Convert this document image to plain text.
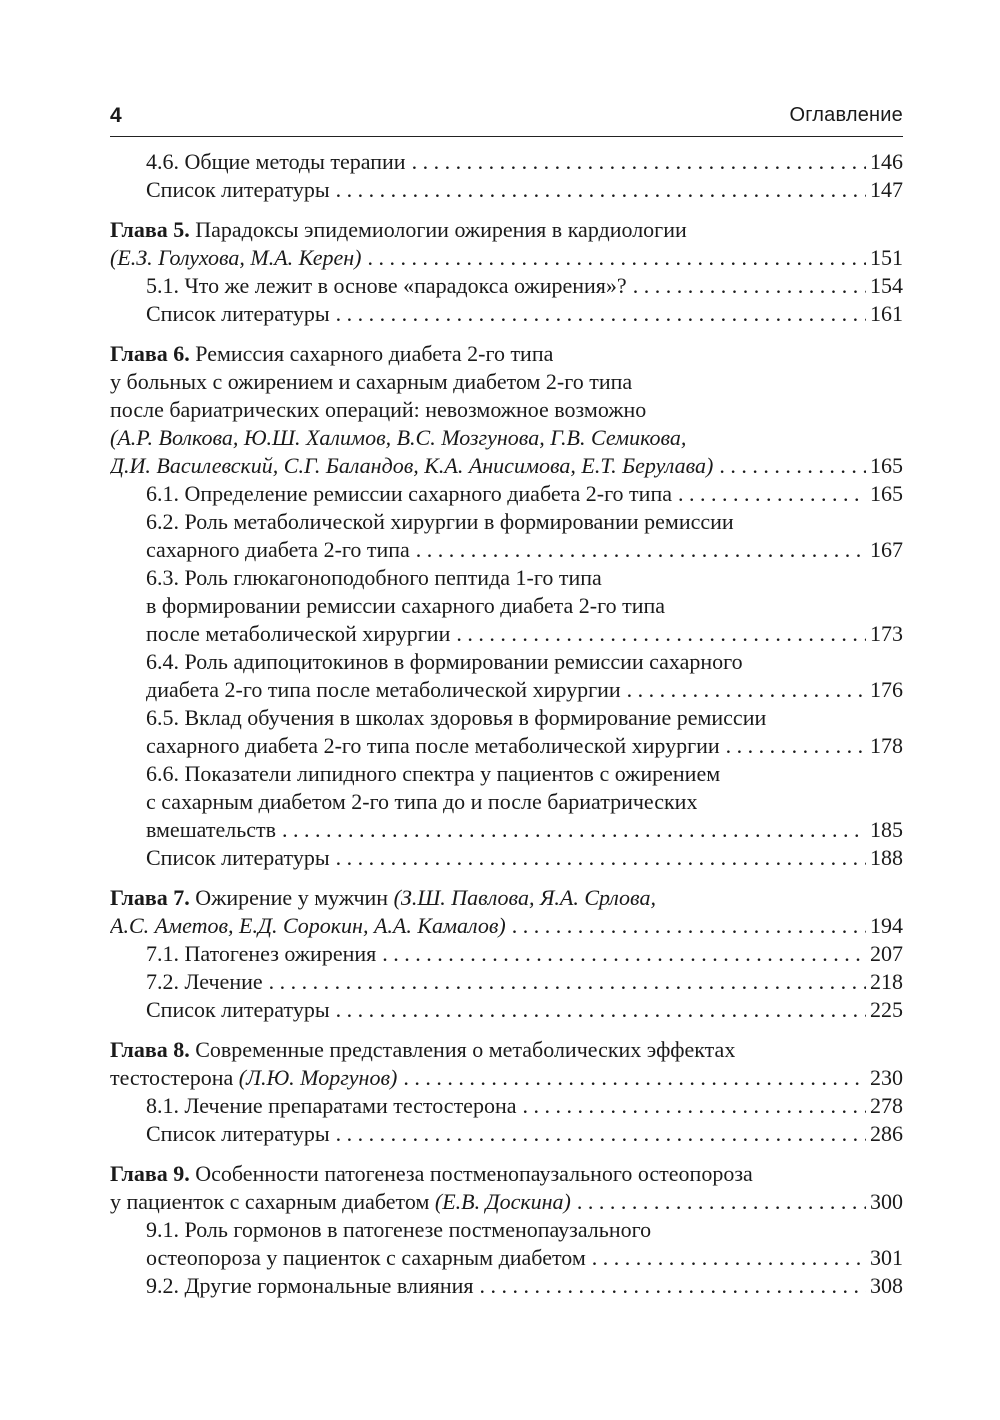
4	Оглавление
4.6. Общие методы терапии . . .	146
Список литературы . . .	147
Глава 5. Парадоксы эпидемиологии ожирения в кардиологии
(Е.З. Голухова, М.А. Керен) . . .	151
5.1. Что же лежит в основе «парадокса ожирения»? . . .	154
Список литературы . . .	161
Глава 6. Ремиссия сахарного диабета 2-го типа
у больных с ожирением и сахарным диабетом 2-го типа
после бариатрических операций: невозможное возможно
(А.Р. Волкова, Ю.Ш. Халимов, В.С. Мозгунова, Г.В. Семикова,
Д.И. Василевский, С.Г. Баландов, К.А. Анисимова, Е.Т. Берулава) . . .	165
6.1. Определение ремиссии сахарного диабета 2-го типа . . .	165
6.2. Роль метаболической хирургии в формировании ремиссии
сахарного диабета 2-го типа . . .	167
6.3. Роль глюкагоноподобного пептида 1-го типа
в формировании ремиссии сахарного диабета 2-го типа
после метаболической хирургии . . .	173
6.4. Роль адипоцитокинов в формировании ремиссии сахарного
диабета 2-го типа после метаболической хирургии . . .	176
6.5. Вклад обучения в школах здоровья в формирование ремиссии
сахарного диабета 2-го типа после метаболической хирургии . . .	178
6.6. Показатели липидного спектра у пациентов с ожирением
с сахарным диабетом 2-го типа до и после бариатрических
вмешательств . . .	185
Список литературы . . .	188
Глава 7. Ожирение у мужчин (З.Ш. Павлова, Я.А. Срлова,
А.С. Аметов, Е.Д. Сорокин, А.А. Камалов) . . .	194
7.1. Патогенез ожирения . . .	207
7.2. Лечение . . .	218
Список литературы . . .	225
Глава 8. Современные представления о метаболических эффектах
тестостерона (Л.Ю. Моргунов) . . .	230
8.1. Лечение препаратами тестостерона . . .	278
Список литературы . . .	286
Глава 9. Особенности патогенеза постменопаузального остеопороза
у пациенток с сахарным диабетом (Е.В. Доскина) . . .	300
9.1. Роль гормонов в патогенезе постменопаузального
остеопороза у пациенток с сахарным диабетом . . .	301
9.2. Другие гормональные влияния . . .	308
